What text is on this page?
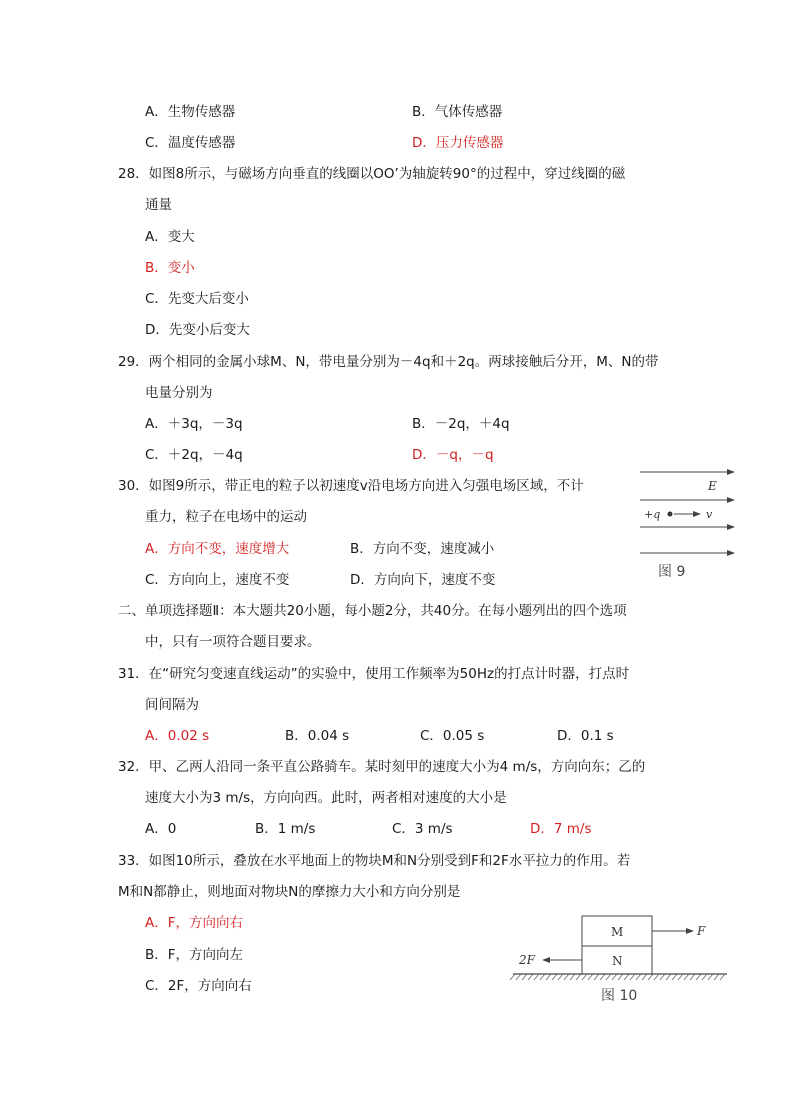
A．生物传感器	B．气体传感器
C．温度传感器	D．压力传感器
28．如图8所示，与磁场方向垂直的线圈以OO’为轴旋转90°的过程中，穿过线圈的磁
通量
A．变大
B．变小
C．先变大后变小
D．先变小后变大
29．两个相同的金属小球M、N，带电量分别为－4q和＋2q。两球接触后分开，M、N的带
电量分别为
A．＋3q，－3q	B．－2q，＋4q
C．＋2q，－4q	D．－q，－q
30．如图9所示，带正电的粒子以初速度v沿电场方向进入匀强电场区域，不计
重力，粒子在电场中的运动
A．方向不变，速度增大	B．方向不变，速度减小
C．方向向上，速度不变	D．方向向下，速度不变
E
+q	v
图 9
二、单项选择题Ⅱ：本大题共20小题，每小题2分，共40分。在每小题列出的四个选项
中，只有一项符合题目要求。
31．在“研究匀变速直线运动”的实验中，使用工作频率为50Hz的打点计时器，打点时
间间隔为
A．0.02 s	B．0.04 s	C．0.05 s	D．0.1 s
32．甲、乙两人沿同一条平直公路骑车。某时刻甲的速度大小为4 m/s，方向向东；乙的
速度大小为3 m/s，方向向西。此时，两者相对速度的大小是
A．0	B．1 m/s	C．3 m/s	D．7 m/s
33．如图10所示，叠放在水平地面上的物块M和N分别受到F和2F水平拉力的作用。若
M和N都静止，则地面对物块N的摩擦力大小和方向分别是
A．F，方向向右
B．F，方向向左
C．2F，方向向右
M
N
F
2F
图 10
